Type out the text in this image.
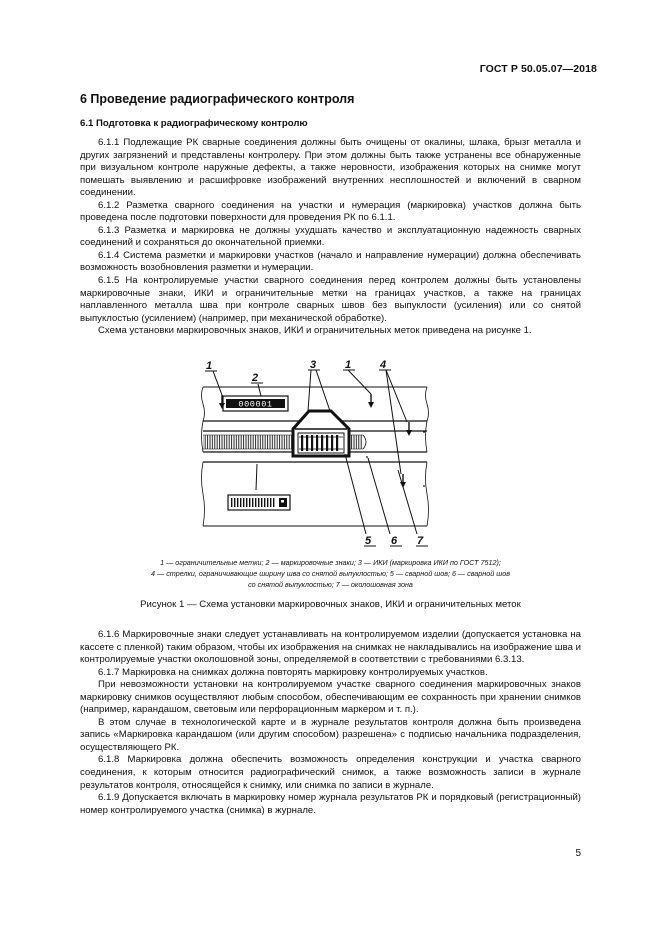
ГОСТ Р 50.05.07—2018
6 Проведение радиографического контроля
6.1 Подготовка к радиографическому контролю

6.1.1 Подлежащие РК сварные соединения должны быть очищены от окалины, шлака, брызг металла и других загрязнений и представлены контролеру. При этом должны быть также устранены все обнаруженные при визуальном контроле наружные дефекты, а также неровности, изображения которых на снимке могут помешать выявлению и расшифровке изображений внутренних несплошностей и включений в сварном соединении.

6.1.2 Разметка сварного соединения на участки и нумерация (маркировка) участков должна быть проведена после подготовки поверхности для проведения РК по 6.1.1.

6.1.3 Разметка и маркировка не должны ухудшать качество и эксплуатационную надежность сварных соединений и сохраняться до окончательной приемки.

6.1.4 Система разметки и маркировки участков (начало и направление нумерации) должна обеспечивать возможность возобновления разметки и нумерации.

6.1.5 На контролируемые участки сварного соединения перед контролем должны быть установлены маркировочные знаки, ИКИ и ограничительные метки на границах участков, а также на границах наплавленного металла шва при контроле сварных швов без выпуклости (усиления) или со снятой выпуклостью (усилением) (например, при механической обработке).

Схема установки маркировочных знаков, ИКИ и ограничительных меток приведена на рисунке 1.

000001
1
2
3	1	4
5 6 7
1 — ограничительные метки; 2 — маркировочные знаки; 3 — ИКИ (маркировка ИКИ по ГОСТ 7512);
4 — стрелки, ограничивающие ширину шва со снятой выпуклостью; 5 — сварной шов; 6 — сварной шов
со снятой выпуклостью; 7 — околошовная зона
Рисунок 1 — Схема установки маркировочных знаков, ИКИ и ограничительных меток

6.1.6 Маркировочные знаки следует устанавливать на контролируемом изделии (допускается установка на кассете с пленкой) таким образом, чтобы их изображения на снимках не накладывались на изображение шва и контролируемые участки околошовной зоны, определяемой в соответствии с требованиями 6.3.13.

6.1.7 Маркировка на снимках должна повторять маркировку контролируемых участков.

При невозможности установки на контролируемом участке сварного соединения маркировочных знаков маркировку снимков осуществляют любым способом, обеспечивающим ее сохранность при хранении снимков (например, карандашом, световым или перфорационным маркером и т. п.).

В этом случае в технологической карте и в журнале результатов контроля должна быть произведена запись «Маркировка карандашом (или другим способом) разрешена» с подписью начальника подразделения, осуществляющего РК.

6.1.8 Маркировка должна обеспечить возможность определения конструкции и участка сварного соединения, к которым относится радиографический снимок, а также возможность записи в журнале результатов контроля, относящейся к снимку, или снимка по записи в журнале.

6.1.9 Допускается включать в маркировку номер журнала результатов РК и порядковый (регистрационный) номер контролируемого участка (снимка) в журнале.

5
